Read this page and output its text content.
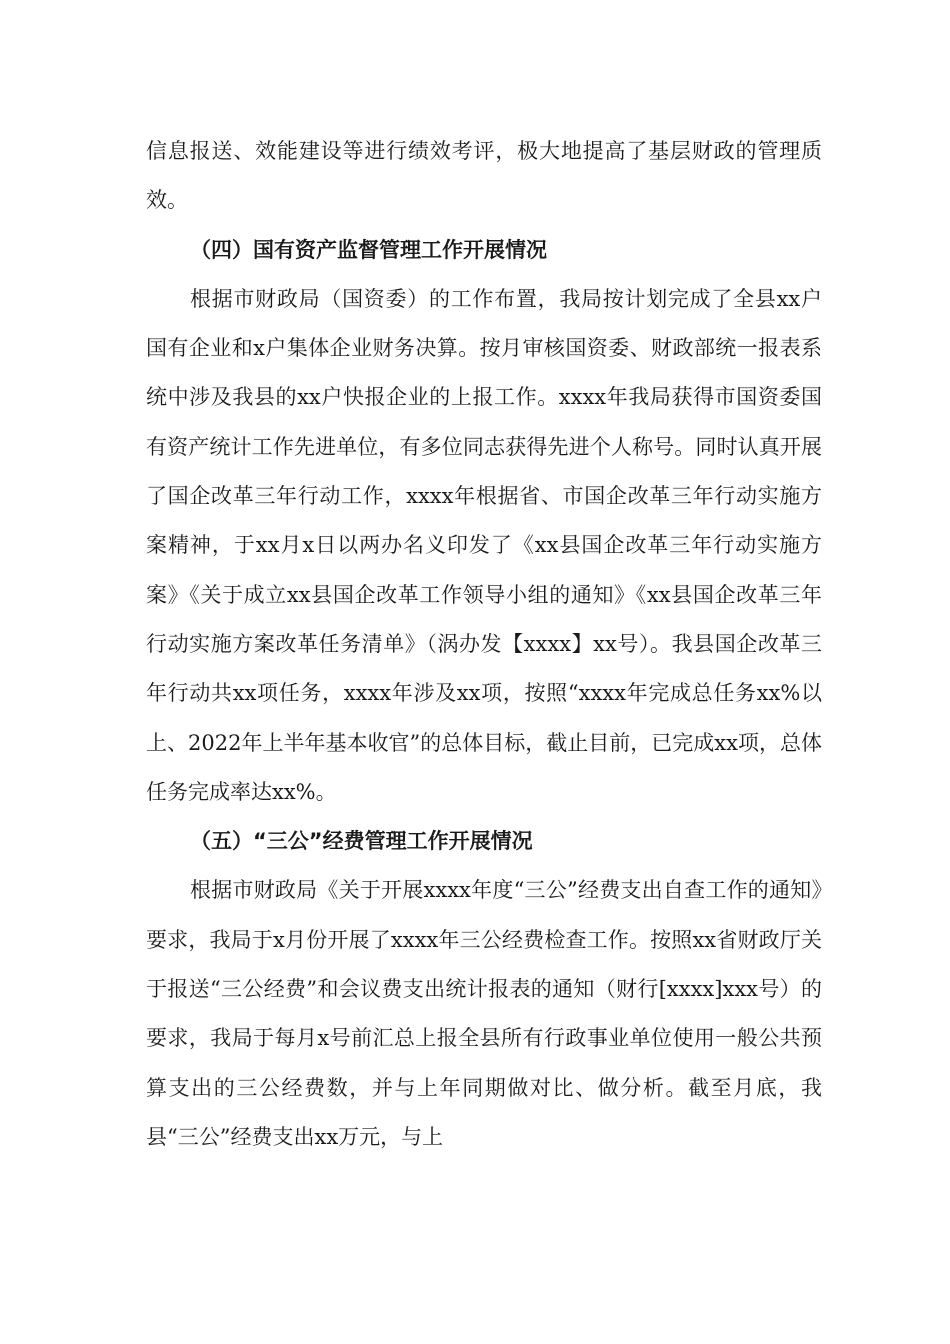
信息报送、效能建设等进行绩效考评，极大地提高了基层财政的管理质效。

（四）国有资产监督管理工作开展情况

根据市财政局（国资委）的工作布置，我局按计划完成了全县xx户国有企业和x户集体企业财务决算。按月审核国资委、财政部统一报表系统中涉及我县的xx户快报企业的上报工作。xxxx年我局获得市国资委国有资产统计工作先进单位，有多位同志获得先进个人称号。同时认真开展了国企改革三年行动工作，xxxx年根据省、市国企改革三年行动实施方案精神，于xx月x日以两办名义印发了《xx县国企改革三年行动实施方案》《关于成立xx县国企改革工作领导小组的通知》《xx县国企改革三年行动实施方案改革任务清单》（涡办发【xxxx】xx号）。我县国企改革三年行动共xx项任务，xxxx年涉及xx项，按照“xxxx年完成总任务xx%以上、2022年上半年基本收官”的总体目标，截止目前，已完成xx项，总体任务完成率达xx%。

（五）“三公”经费管理工作开展情况

根据市财政局《关于开展xxxx年度“三公”经费支出自查工作的通知》要求，我局于x月份开展了xxxx年三公经费检查工作。按照xx省财政厅关于报送“三公经费”和会议费支出统计报表的通知（财行[xxxx]xxx号）的要求，我局于每月x号前汇总上报全县所有行政事业单位使用一般公共预算支出的三公经费数，并与上年同期做对比、做分析。截至月底，我县“三公”经费支出xx万元，与上
